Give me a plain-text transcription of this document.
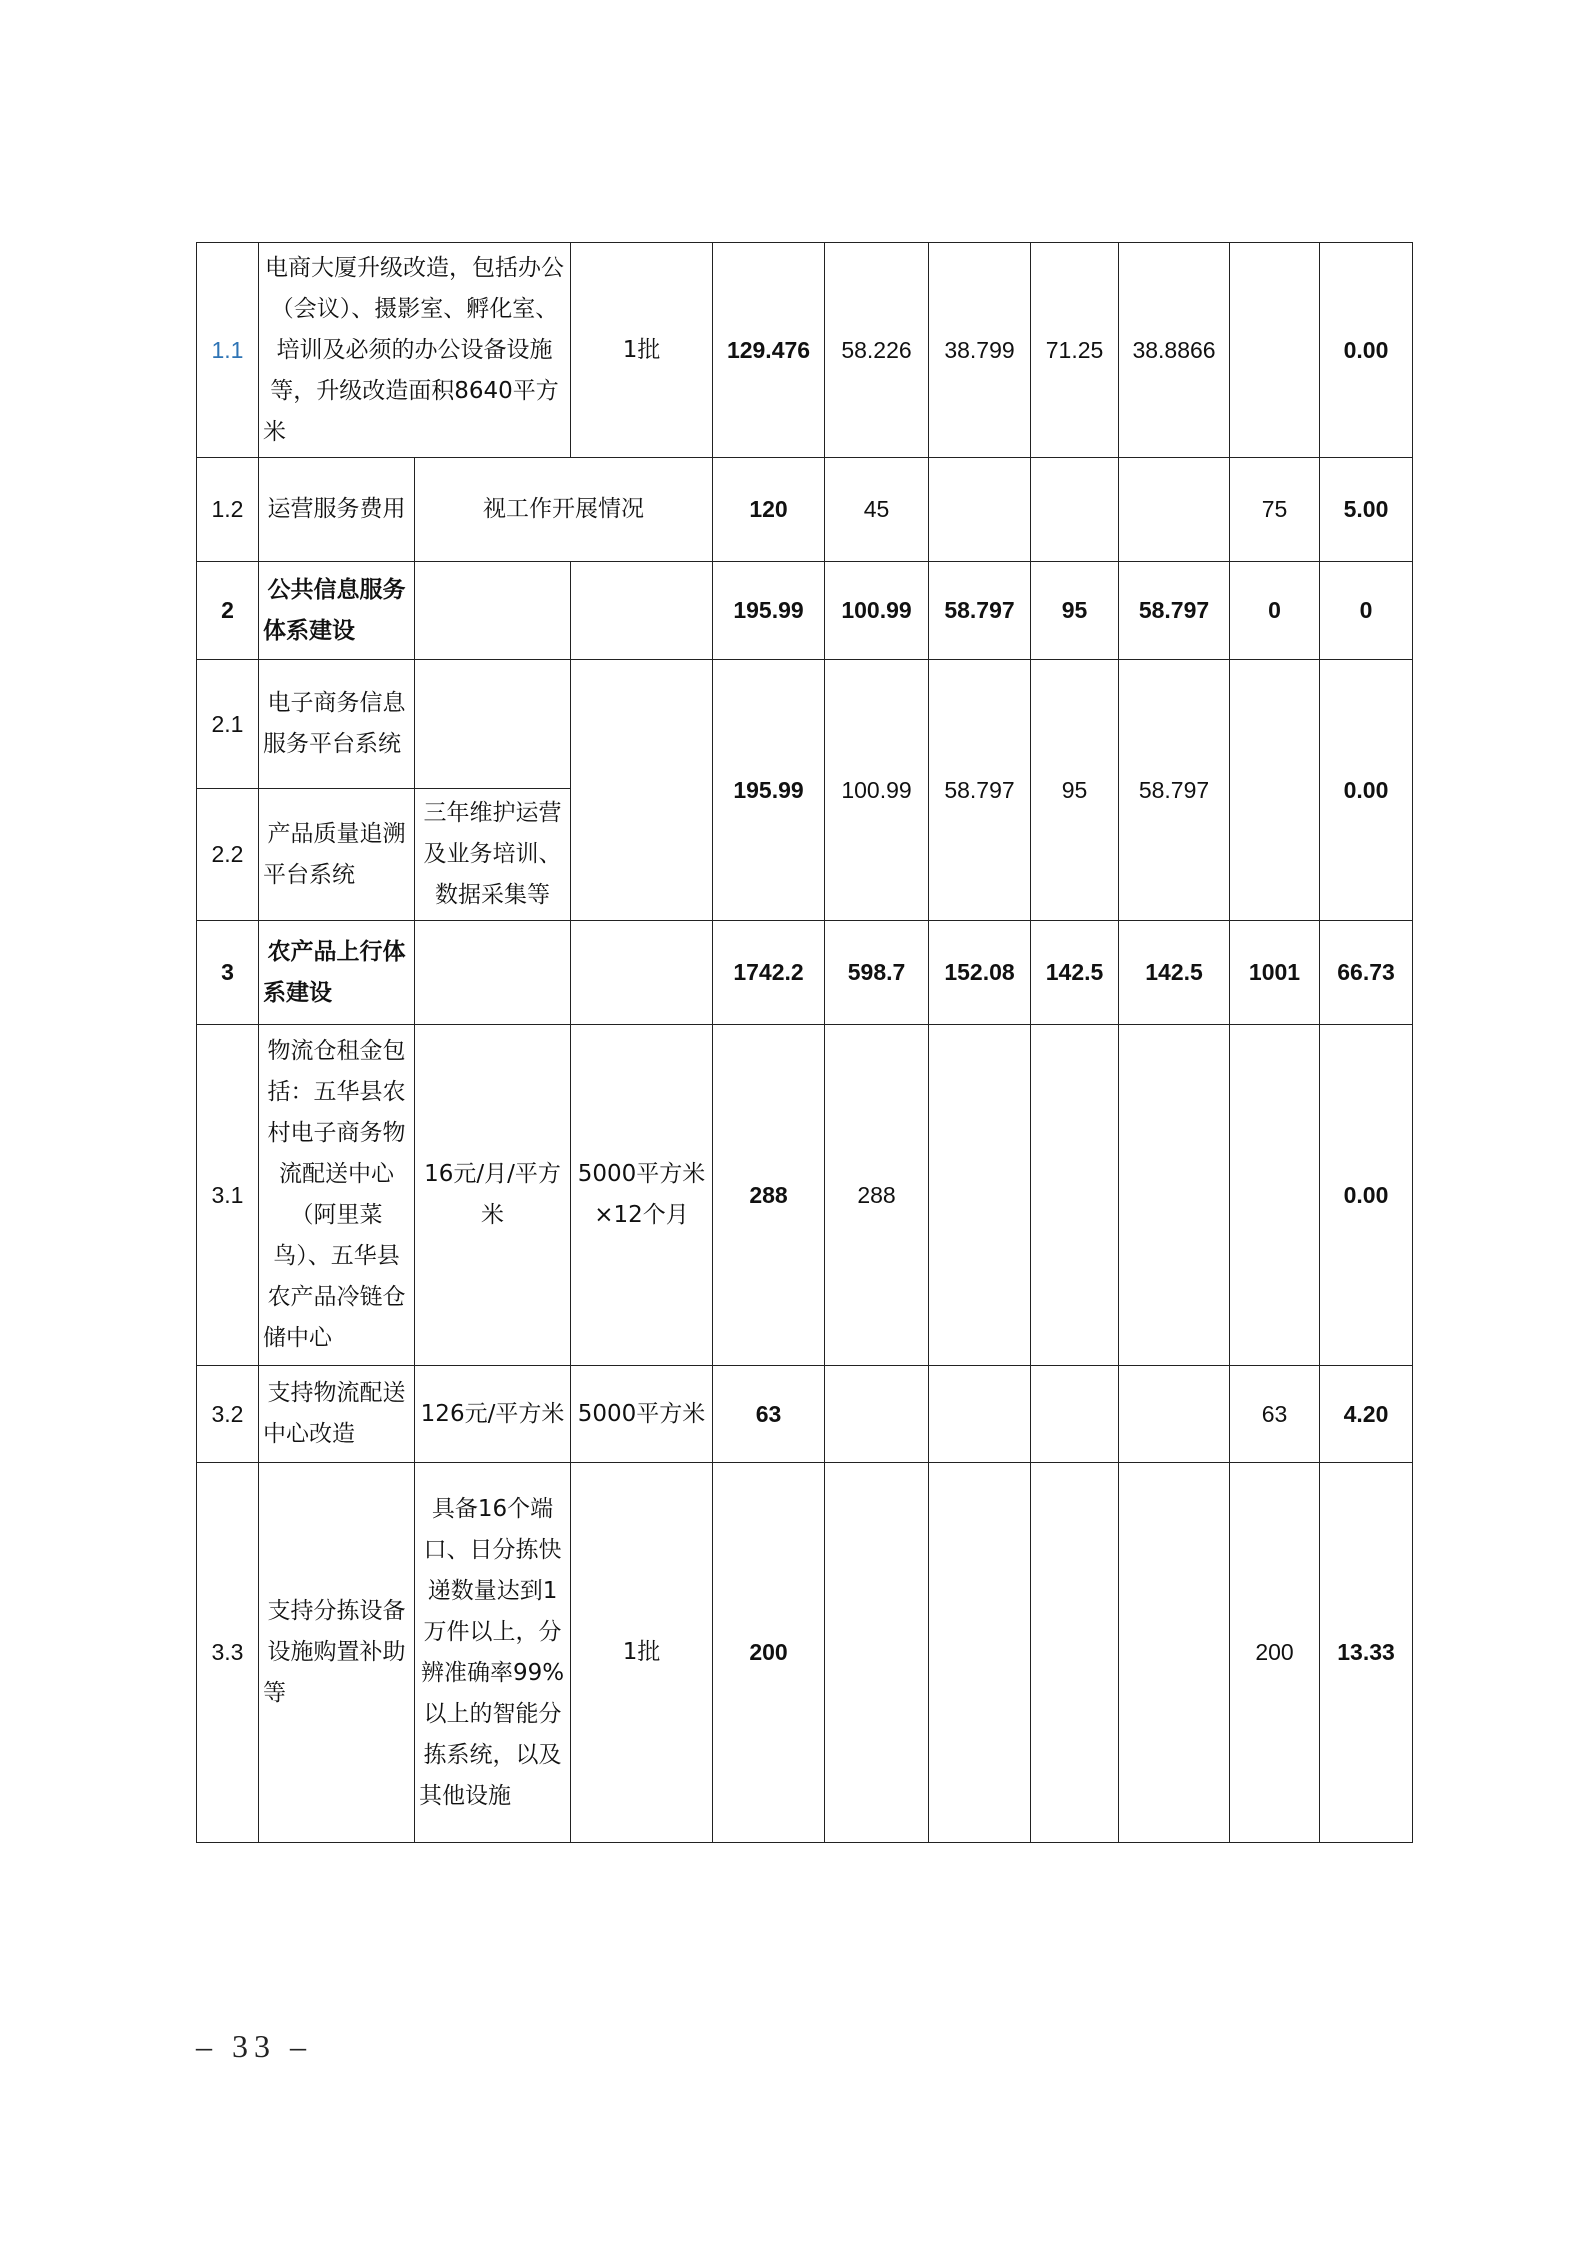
1.1	电商大厦升级改造，包括办公（会议）、摄影室、孵化室、培训及必须的办公设备设施等，升级改造面积8640平方米		1批	129.476	58.226	38.799	71.25	38.8866		0.00
1.2	运营服务费用	视工作开展情况		120	45				75	5.00
2	公共信息服务体系建设			195.99	100.99	58.797	95	58.797	0	0
2.1	电子商务信息服务平台系统			195.99	100.99	58.797	95	58.797		0.00
2.2	产品质量追溯平台系统	三年维护运营及业务培训、数据采集等								
3	农产品上行体系建设			1742.2	598.7	152.08	142.5	142.5	1001	66.73
3.1	物流仓租金包括：五华县农村电子商务物流配送中心（阿里菜鸟）、五华县农产品冷链仓储中心	16元/月/平方米	5000平方米×12个月	288	288					0.00
3.2	支持物流配送中心改造	126元/平方米	5000平方米	63					63	4.20
3.3	支持分拣设备设施购置补助等	具备16个端口、日分拣快递数量达到1万件以上，分辨准确率99%以上的智能分拣系统，以及其他设施	1批	200					200	13.33
– 33 –
